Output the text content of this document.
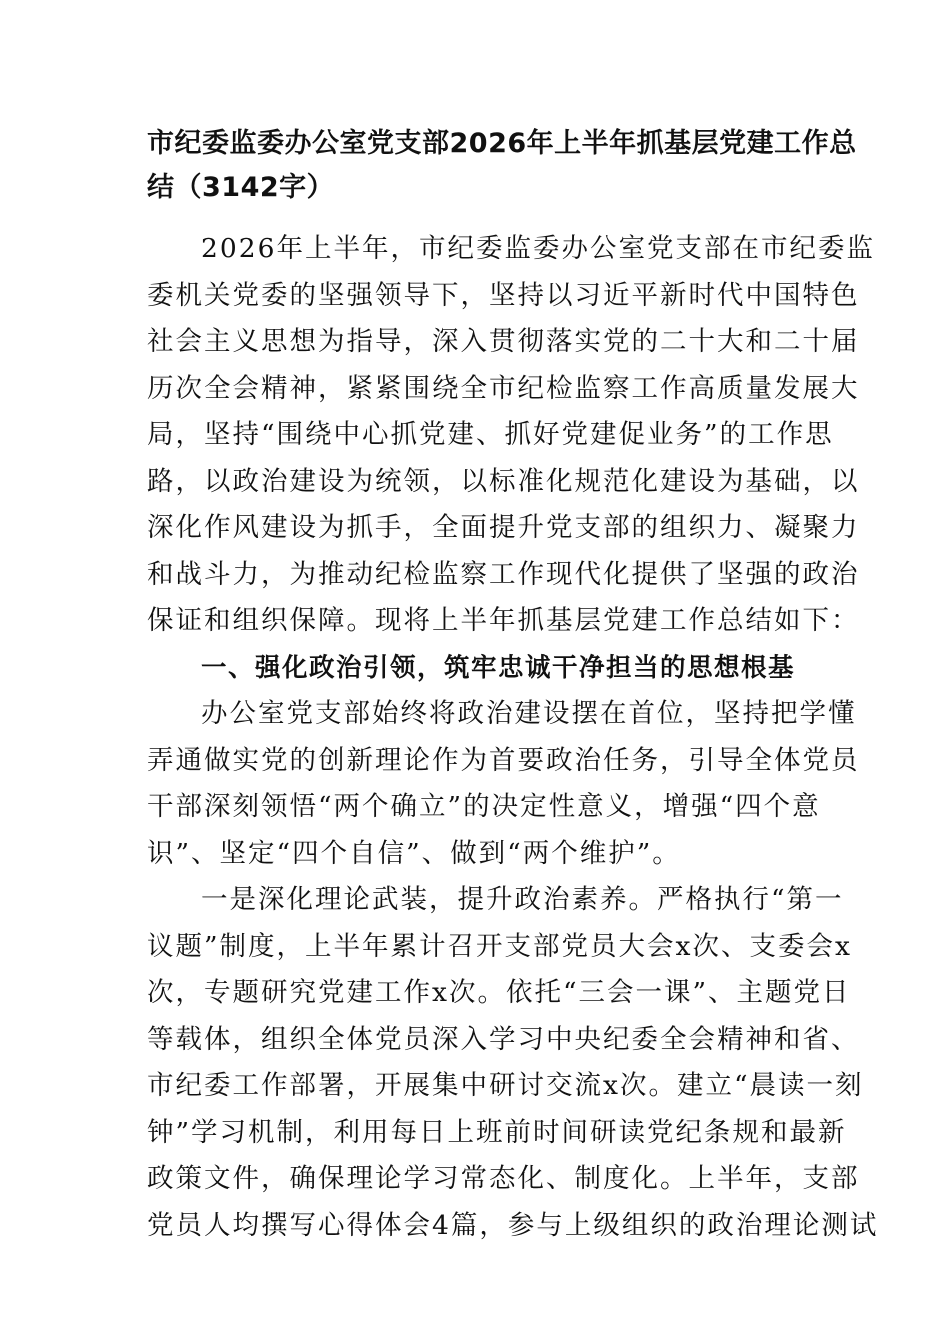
市纪委监委办公室党支部2026年上半年抓基层党建工作总
结（3142字）
2026年上半年，市纪委监委办公室党支部在市纪委监
委机关党委的坚强领导下，坚持以习近平新时代中国特色
社会主义思想为指导，深入贯彻落实党的二十大和二十届
历次全会精神，紧紧围绕全市纪检监察工作高质量发展大
局，坚持“围绕中心抓党建、抓好党建促业务”的工作思
路，以政治建设为统领，以标准化规范化建设为基础，以
深化作风建设为抓手，全面提升党支部的组织力、凝聚力
和战斗力，为推动纪检监察工作现代化提供了坚强的政治
保证和组织保障。现将上半年抓基层党建工作总结如下：
一、强化政治引领，筑牢忠诚干净担当的思想根基
办公室党支部始终将政治建设摆在首位，坚持把学懂
弄通做实党的创新理论作为首要政治任务，引导全体党员
干部深刻领悟“两个确立”的决定性意义，增强“四个意
识”、坚定“四个自信”、做到“两个维护”。
一是深化理论武装，提升政治素养。严格执行“第一
议题”制度，上半年累计召开支部党员大会x次、支委会x
次，专题研究党建工作x次。依托“三会一课”、主题党日
等载体，组织全体党员深入学习中央纪委全会精神和省、
市纪委工作部署，开展集中研讨交流x次。建立“晨读一刻
钟”学习机制，利用每日上班前时间研读党纪条规和最新
政策文件，确保理论学习常态化、制度化。上半年，支部
党员人均撰写心得体会4篇，参与上级组织的政治理论测试
